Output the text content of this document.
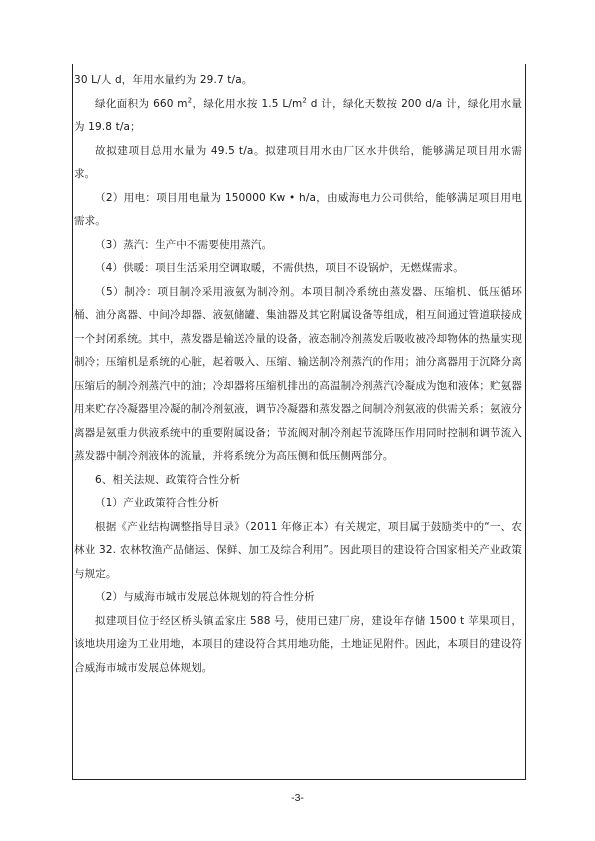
30 L/人 d，年用水量约为 29.7 t/a。

绿化面积为 660 $m^2$，绿化用水按 1.5 $L/m^2$ d 计，绿化天数按 200 d/a 计，绿化用水量为 19.8 t/a；

故拟建项目总用水量为 49.5 t/a。拟建项目用水由厂区水井供给，能够满足项目用水需求。

（2）用电：项目用电量为 150000 Kw • h/a，由威海电力公司供给，能够满足项目用电需求。

（3）蒸汽：生产中不需要使用蒸汽。

（4）供暖：项目生活采用空调取暖，不需供热，项目不设锅炉，无燃煤需求。

（5）制冷：项目制冷采用液氨为制冷剂。本项目制冷系统由蒸发器、压缩机、低压循环桶、油分离器、中间冷却器、液氨储罐、集油器及其它附属设备等组成，相互间通过管道联接成一个封闭系统。其中，蒸发器是输送冷量的设备，液态制冷剂蒸发后吸收被冷却物体的热量实现制冷；压缩机是系统的心脏，起着吸入、压缩、输送制冷剂蒸汽的作用；油分离器用于沉降分离压缩后的制冷剂蒸汽中的油；冷却器将压缩机排出的高温制冷剂蒸汽冷凝成为饱和液体；贮氨器用来贮存冷凝器里冷凝的制冷剂氨液，调节冷凝器和蒸发器之间制冷剂氨液的供需关系；氨液分离器是氨重力供液系统中的重要附属设备；节流阀对制冷剂起节流降压作用同时控制和调节流入蒸发器中制冷剂液体的流量，并将系统分为高压侧和低压侧两部分。

6、相关法规、政策符合性分析

（1）产业政策符合性分析

根据《产业结构调整指导目录》（2011 年修正本）有关规定，项目属于鼓励类中的“一、农林业 32. 农林牧渔产品储运、保鲜、加工及综合利用”。因此项目的建设符合国家相关产业政策与规定。

（2）与威海市城市发展总体规划的符合性分析

拟建项目位于经区桥头镇孟家庄 588 号，使用已建厂房，建设年存储 1500 t 苹果项目，该地块用途为工业用地，本项目的建设符合其用地功能，土地证见附件。因此，本项目的建设符合威海市城市发展总体规划。

-3-
